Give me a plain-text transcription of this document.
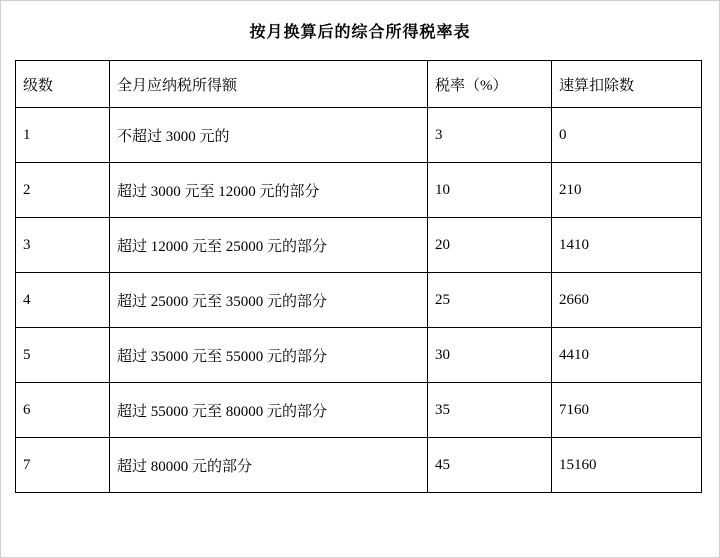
按月换算后的综合所得税率表
级数	全月应纳税所得额	税率（%）	速算扣除数
1	不超过 3000 元的	3	0
2	超过 3000 元至 12000 元的部分	10	210
3	超过 12000 元至 25000 元的部分	20	1410
4	超过 25000 元至 35000 元的部分	25	2660
5	超过 35000 元至 55000 元的部分	30	4410
6	超过 55000 元至 80000 元的部分	35	7160
7	超过 80000 元的部分	45	15160
